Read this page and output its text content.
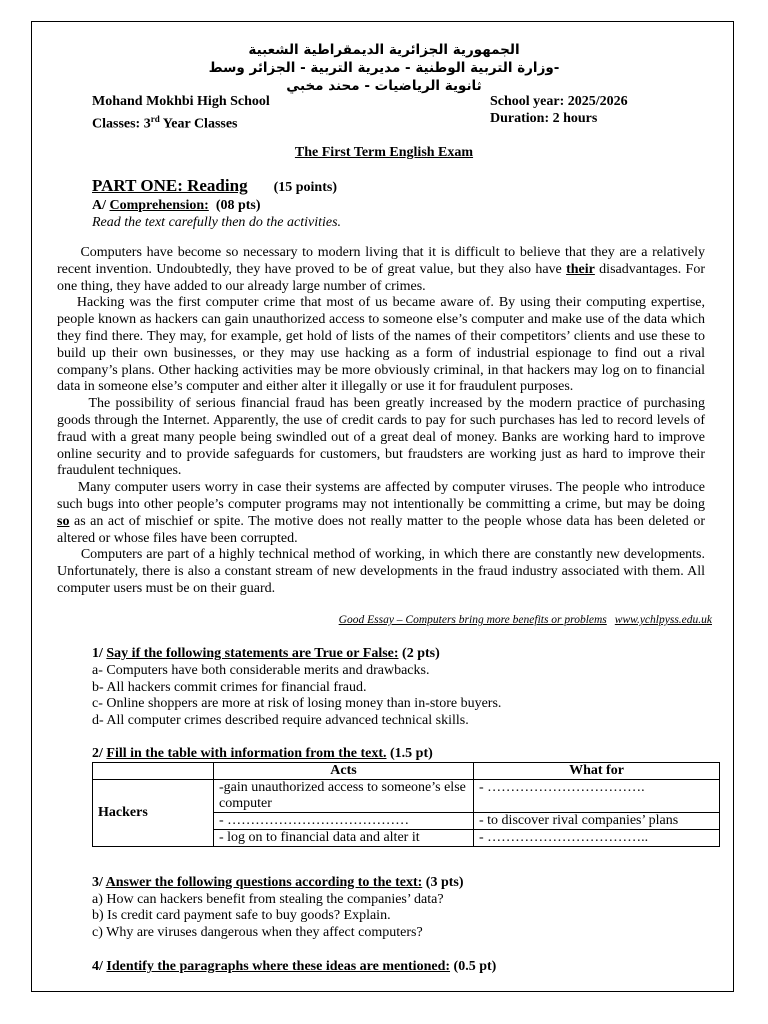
الجمهورية الجزائرية الديمقراطية الشعبية
-وزارة التربية الوطنية - مديرية التربية - الجزائر وسط
ثانوية الرياضيات - محند مخبي
Mohand Mokhbi High School	School year: 2025/2026
Classes: 3rd Year Classes	Duration: 2 hours
The First Term English Exam
PART ONE: Reading (15 points)
A/ Comprehension:  (08 pts)
Read the text carefully then do the activities.

Computers have become so necessary to modern living that it is difficult to believe that they are a relatively recent invention. Undoubtedly, they have proved to be of great value, but they also have their disadvantages. For one thing, they have added to our already large number of crimes.

Hacking was the first computer crime that most of us became aware of. By using their computing expertise, people known as hackers can gain unauthorized access to someone else’s computer and make use of the data which they find there. They may, for example, get hold of lists of the names of their competitors’ clients and use these to build up their own businesses, or they may use hacking as a form of industrial espionage to find out a rival company’s plans. Other hacking activities may be more obviously criminal, in that hackers may log on to financial data in someone else’s computer and either alter it illegally or use it for fraudulent purposes.

The possibility of serious financial fraud has been greatly increased by the modern practice of purchasing goods through the Internet. Apparently, the use of credit cards to pay for such purchases has led to record levels of fraud with a great many people being swindled out of a great deal of money. Banks are working hard to improve online security and to provide safeguards for customers, but fraudsters are working just as hard to improve their fraudulent techniques.

Many computer users worry in case their systems are affected by computer viruses. The people who introduce such bugs into other people’s computer programs may not intentionally be committing a crime, but may be doing so as an act of mischief or spite. The motive does not really matter to the people whose data has been deleted or altered or whose files have been corrupted.

Computers are part of a highly technical method of working, in which there are constantly new developments. Unfortunately, there is also a constant stream of new developments in the fraud industry associated with them. All computer users must be on their guard.

Good Essay – Computers bring more benefits or problems www.ychlpyss.edu.uk
1/ Say if the following statements are True or False: (2 pts)
a- Computers have both considerable merits and drawbacks.
b- All hackers commit crimes for financial fraud.
c- Online shoppers are more at risk of losing money than in-store buyers.
d- All computer crimes described require advanced technical skills.
2/ Fill in the table with information from the text. (1.5 pt)
	Acts	What for
Hackers	-gain unauthorized access to someone’s else computer	- …………………………….
	- …………………………………	- to discover rival companies’ plans
	- log on to financial data and alter it	- ……………………………..
3/ Answer the following questions according to the text: (3 pts)
a) How can hackers benefit from stealing the companies’ data?
b) Is credit card payment safe to buy goods? Explain.
c) Why are viruses dangerous when they affect computers?
4/ Identify the paragraphs where these ideas are mentioned: (0.5 pt)
